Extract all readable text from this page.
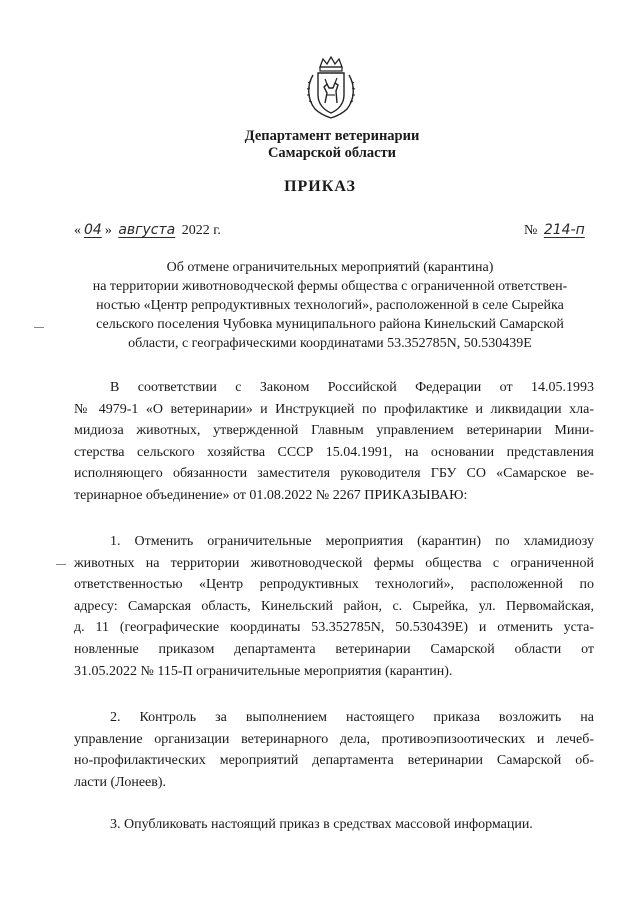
Департамент ветеринарии
Самарской области
ПРИКАЗ
« 04 » августа 2022 г.	№ 214-п
Об отмене ограничительных мероприятий (карантина)
на территории животноводческой фермы общества с ограниченной ответствен-
ностью «Центр репродуктивных технологий», расположенной в селе Сырейка
сельского поселения Чубовка муниципального района Кинельский Самарской
области, с географическими координатами 53.352785N, 50.530439E
В соответствии с Законом Российской Федерации от 14.05.1993
№ 4979-1 «О ветеринарии» и Инструкцией по профилактике и ликвидации хла-
мидиоза животных, утвержденной Главным управлением ветеринарии Мини-
стерства сельского хозяйства СССР 15.04.1991, на основании представления
исполняющего обязанности заместителя руководителя ГБУ СО «Самарское ве-
теринарное объединение» от 01.08.2022 № 2267 ПРИКАЗЫВАЮ:
1. Отменить ограничительные мероприятия (карантин) по хламидиозу
животных на территории животноводческой фермы общества с ограниченной
ответственностью «Центр репродуктивных технологий», расположенной по
адресу: Самарская область, Кинельский район, с. Сырейка, ул. Первомайская,
д. 11 (географические координаты 53.352785N, 50.530439E) и отменить уста-
новленные приказом департамента ветеринарии Самарской области от
31.05.2022 № 115-П ограничительные мероприятия (карантин).
2. Контроль за выполнением настоящего приказа возложить на
управление организации ветеринарного дела, противоэпизоотических и лечеб-
но-профилактических мероприятий департамента ветеринарии Самарской об-
ласти (Лонеев).
3. Опубликовать настоящий приказ в средствах массовой информации.
